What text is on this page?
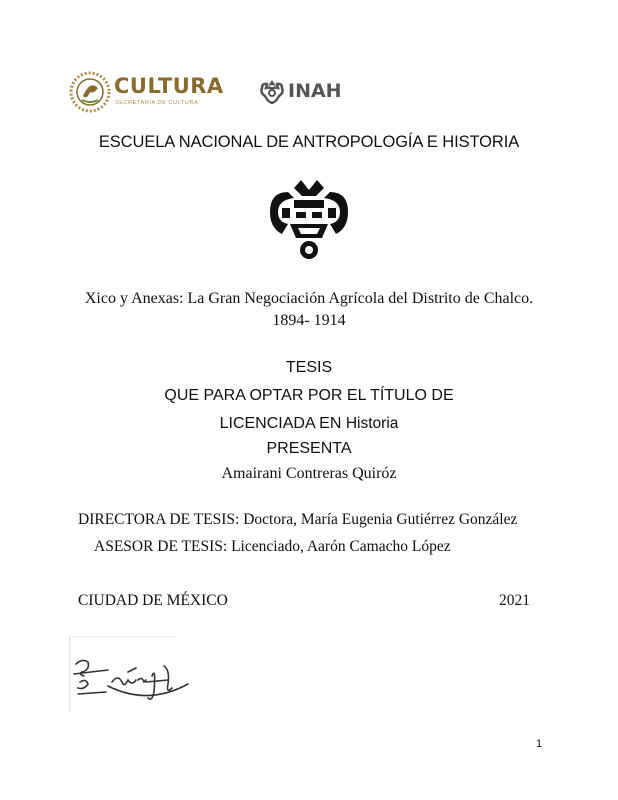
CULTURA
SECRETARÍA DE CULTURA
INAH
ESCUELA NACIONAL DE ANTROPOLOGÍA E HISTORIA
Xico y Anexas: La Gran Negociación Agrícola del Distrito de Chalco.
1894- 1914
TESIS
QUE PARA OPTAR POR EL TÍTULO DE
LICENCIADA EN Historia
PRESENTA
Amairani Contreras Quiróz
DIRECTORA DE TESIS: Doctora, María Eugenia Gutiérrez González
ASESOR DE TESIS: Licenciado, Aarón Camacho López
CIUDAD DE MÉXICO	2021
1
